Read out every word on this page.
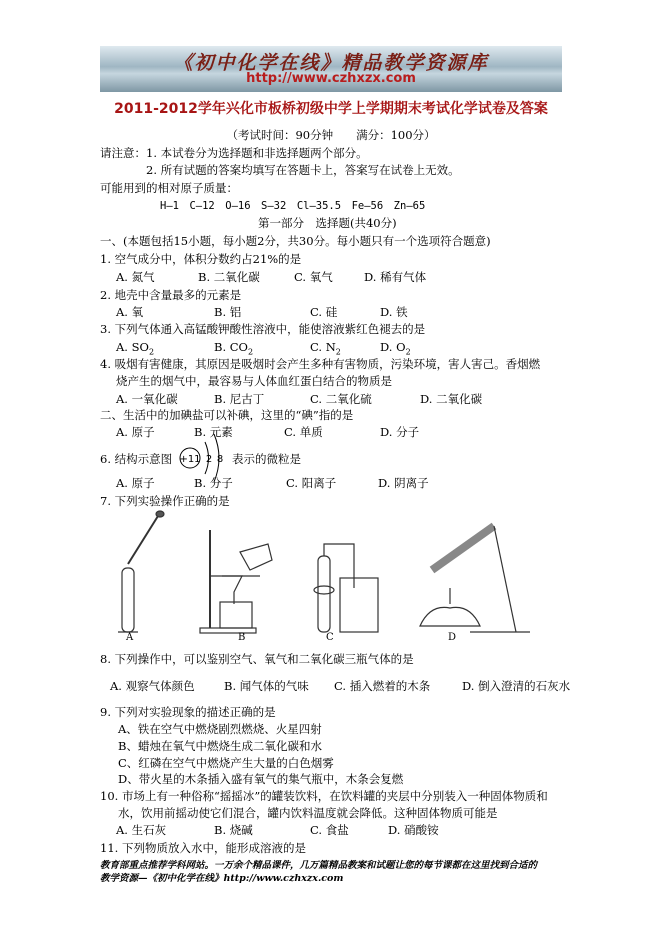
《初中化学在线》精品教学资源库
http://www.czhxzx.com
2011-2012学年兴化市板桥初级中学上学期期末考试化学试卷及答案
（考试时间：90分钟　　满分：100分）
请注意：1. 本试卷分为选择题和非选择题两个部分。
2. 所有试题的答案均填写在答题卡上，答案写在试卷上无效。
可能用到的相对原子质量：
H—1　C—12　O—16　S—32　Cl—35.5　Fe—56　Zn—65
第一部分　选择题(共40分)
一、(本题包括15小题，每小题2分，共30分。每小题只有一个选项符合题意)
1. 空气成分中，体积分数约占21%的是
A. 氮气	B. 二氧化碳	C. 氧气	D. 稀有气体
2. 地壳中含量最多的元素是
A. 氧	B. 铝	C. 硅	D. 铁
3. 下列气体通入高锰酸钾酸性溶液中，能使溶液紫红色褪去的是
A. $SO_2$	B. $CO_2$	C. $N_2$	D. $O_2$
4. 吸烟有害健康，其原因是吸烟时会产生多种有害物质，污染环境，害人害己。香烟燃
烧产生的烟气中，最容易与人体血红蛋白结合的物质是
A. 一氧化碳	B. 尼古丁	C. 二氧化硫	D. 二氧化碳
二、生活中的加碘盐可以补碘，这里的“碘”指的是
A. 原子	B. 元素	C. 单质	D. 分子
6. 结构示意图 +11 2 8 表示的微粒是
A. 原子	B. 分子	C. 阳离子	D. 阴离子
7. 下列实验操作正确的是
A	B	C	D
8. 下列操作中，可以鉴别空气、氧气和二氧化碳三瓶气体的是
A. 观察气体颜色	B. 闻气体的气味 C. 插入燃着的木条	D. 倒入澄清的石灰水
9. 下列对实验现象的描述正确的是
A、铁在空气中燃烧剧烈燃烧、火星四射
B、蜡烛在氧气中燃烧生成二氧化碳和水
C、红磷在空气中燃烧产生大量的白色烟雾
D、带火星的木条插入盛有氧气的集气瓶中，木条会复燃
10. 市场上有一种俗称“摇摇冰”的罐装饮料，在饮料罐的夹层中分别装入一种固体物质和
水，饮用前摇动使它们混合，罐内饮料温度就会降低。这种固体物质可能是
A. 生石灰	B. 烧碱	C. 食盐	D. 硝酸铵
11. 下列物质放入水中，能形成溶液的是
教育部重点推荐学科网站。一万余个精品课件，几万篇精品教案和试题让您的每节课都在这里找到合适的
教学资源—《初中化学在线》http://www.czhxzx.com
